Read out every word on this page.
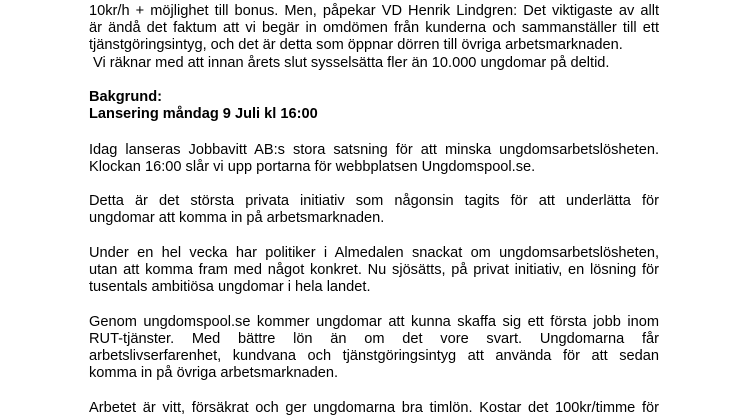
10kr/h + möjlighet till bonus. Men, påpekar VD Henrik Lindgren: Det viktigaste av allt
är ändå det faktum att vi begär in omdömen från kunderna och sammanställer till ett
tjänstgöringsintyg, och det är detta som öppnar dörren till övriga arbetsmarknaden.
Vi räknar med att innan årets slut sysselsätta fler än 10.000 ungdomar på deltid.
Bakgrund:
Lansering måndag 9 Juli kl 16:00
Idag lanseras Jobbavitt AB:s stora satsning för att minska ungdomsarbetslösheten.
Klockan 16:00 slår vi upp portarna för webbplatsen Ungdomspool.se.
Detta är det största privata initiativ som någonsin tagits för att underlätta för
ungdomar att komma in på arbetsmarknaden.
Under en hel vecka har politiker i Almedalen snackat om ungdomsarbetslösheten,
utan att komma fram med något konkret. Nu sjösätts, på privat initiativ, en lösning för
tusentals ambitiösa ungdomar i hela landet.
Genom ungdomspool.se kommer ungdomar att kunna skaffa sig ett första jobb inom
RUT-tjänster. Med bättre lön än om det vore svart. Ungdomarna får
arbetslivserfarenhet, kundvana och tjänstgöringsintyg att använda för att sedan
komma in på övriga arbetsmarknaden.
Arbetet är vitt, försäkrat och ger ungdomarna bra timlön. Kostar det 100kr/timme för
